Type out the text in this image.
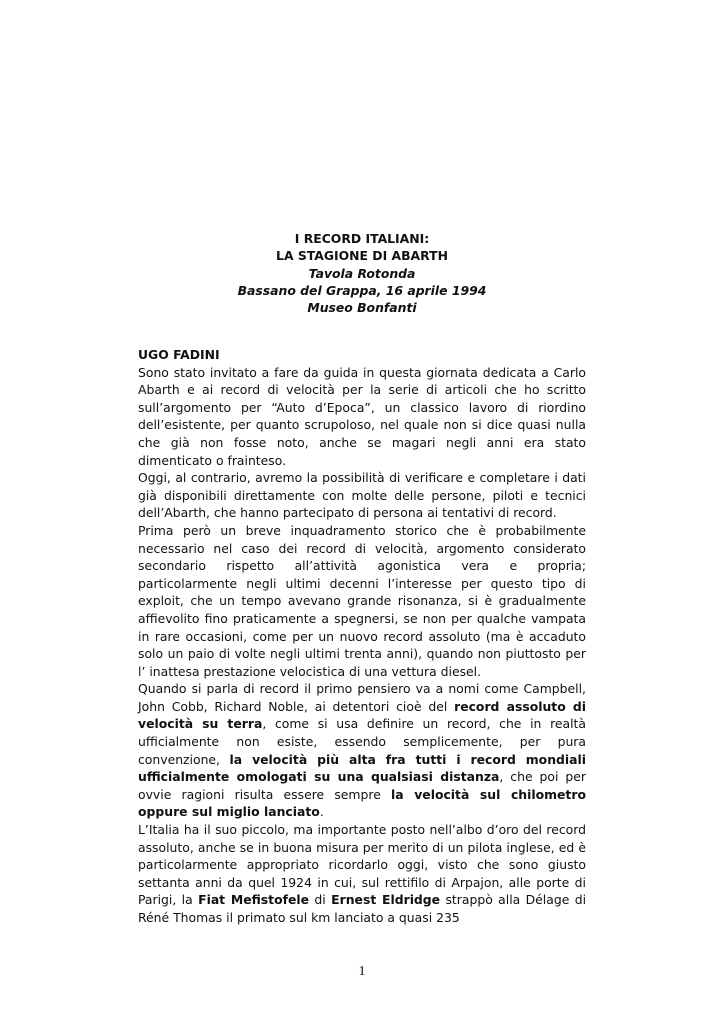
I RECORD ITALIANI:
LA STAGIONE DI ABARTH
Tavola Rotonda
Bassano del Grappa, 16 aprile 1994
Museo Bonfanti
UGO FADINI

Sono stato invitato a fare da guida in questa giornata dedicata a Carlo Abarth e ai record di velocità per la serie di articoli che ho scritto sull’argomento per “Auto d’Epoca”, un classico lavoro di riordino dell’esistente, per quanto scrupoloso, nel quale non si dice quasi nulla che già non fosse noto, anche se magari negli anni era stato dimenticato o frainteso.

Oggi, al contrario, avremo la possibilità di verificare e completare i dati già disponibili direttamente con molte delle persone, piloti e tecnici dell’Abarth, che hanno partecipato di persona ai tentativi di record.

Prima però un breve inquadramento storico che è probabilmente necessario nel caso dei record di velocità, argomento considerato secondario rispetto all’attività agonistica vera e propria; particolarmente negli ultimi decenni l’interesse per questo tipo di exploit, che un tempo avevano grande risonanza, si è gradualmente affievolito fino praticamente a spegnersi, se non per qualche vampata in rare occasioni, come per un nuovo record assoluto (ma è accaduto solo un paio di volte negli ultimi trenta anni), quando non piuttosto per l’ inattesa prestazione velocistica di una vettura diesel.

Quando si parla di record il primo pensiero va a nomi come Campbell, John Cobb, Richard Noble, ai detentori cioè del record assoluto di velocità su terra, come si usa definire un record, che in realtà ufficialmente non esiste, essendo semplicemente, per pura convenzione, la velocità più alta fra tutti i record mondiali ufficialmente omologati su una qualsiasi distanza, che poi per ovvie ragioni risulta essere sempre la velocità sul chilometro oppure sul miglio lanciato.

L’Italia ha il suo piccolo, ma importante posto nell’albo d’oro del record assoluto, anche se in buona misura per merito di un pilota inglese, ed è particolarmente appropriato ricordarlo oggi, visto che sono giusto settanta anni da quel 1924 in cui, sul rettifilo di Arpajon, alle porte di Parigi, la Fiat Mefistofele di Ernest Eldridge strappò alla Délage di Réné Thomas il primato sul km lanciato a quasi 235

1
